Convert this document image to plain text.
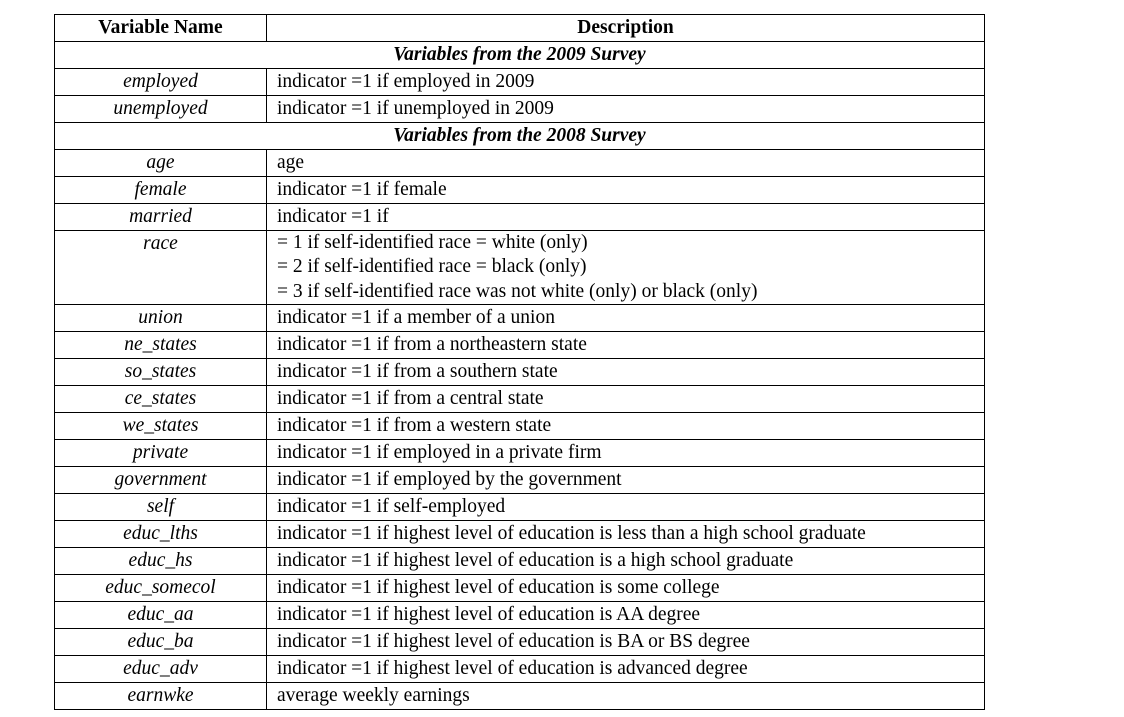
Variable Name	Description
Variables from the 2009 Survey	
employed	indicator =1 if employed in 2009

unemployed	indicator =1 if unemployed in 2009

Variables from the 2008 Survey	
age	age

female	indicator =1 if female

married	indicator =1 if

race	= 1 if self-identified race = white (only)
= 2 if self-identified race = black (only)
= 3 if self-identified race was not white (only) or black (only)

union	indicator =1 if a member of a union

ne_states	indicator =1 if from a northeastern state

so_states	indicator =1 if from a southern state

ce_states	indicator =1 if from a central state

we_states	indicator =1 if from a western state

private	indicator =1 if employed in a private firm

government	indicator =1 if employed by the government

self	indicator =1 if self-employed

educ_lths	indicator =1 if highest level of education is less than a high school graduate

educ_hs	indicator =1 if highest level of education is a high school graduate

educ_somecol	indicator =1 if highest level of education is some college

educ_aa	indicator =1 if highest level of education is AA degree

educ_ba	indicator =1 if highest level of education is BA or BS degree

educ_adv	indicator =1 if highest level of education is advanced degree

earnwke	average weekly earnings
